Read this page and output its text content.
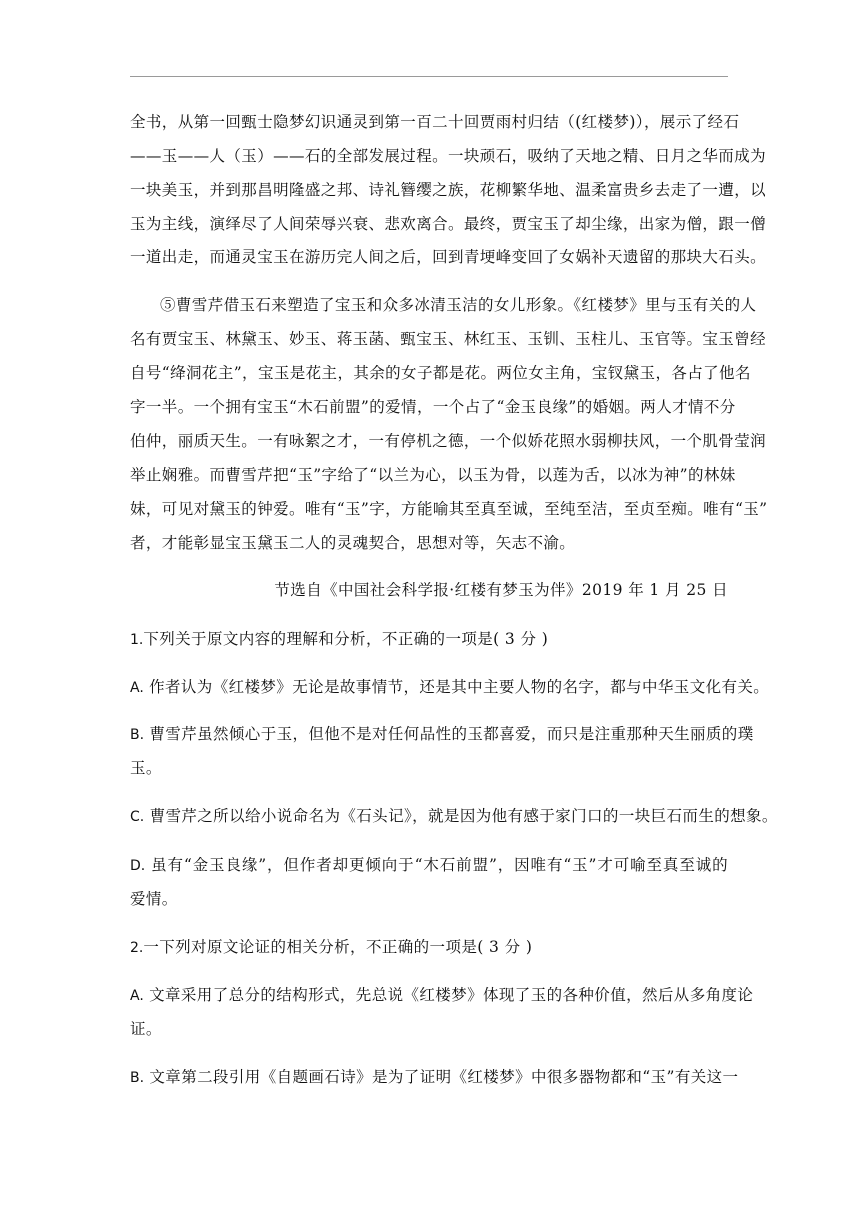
全书，从第一回甄士隐梦幻识通灵到第一百二十回贾雨村归结（(红楼梦)），展示了经石
——玉——人（玉）——石的全部发展过程。一块顽石，吸纳了天地之精、日月之华而成为
一块美玉，并到那昌明隆盛之邦、诗礼簪缨之族，花柳繁华地、温柔富贵乡去走了一遭，以
玉为主线，演绎尽了人间荣辱兴衰、悲欢离合。最终，贾宝玉了却尘缘，出家为僧，跟一僧
一道出走，而通灵宝玉在游历完人间之后，回到青埂峰变回了女娲补天遗留的那块大石头。
⑤曹雪芹借玉石来塑造了宝玉和众多冰清玉洁的女儿形象。《红楼梦》里与玉有关的人
名有贾宝玉、林黛玉、妙玉、蒋玉菡、甄宝玉、林红玉、玉钏、玉柱儿、玉官等。宝玉曾经
自号“绛洞花主”，宝玉是花主，其余的女子都是花。两位女主角，宝钗黛玉，各占了他名
字一半。一个拥有宝玉“木石前盟”的爱情，一个占了“金玉良缘”的婚姻。两人才情不分
伯仲，丽质天生。一有咏絮之才，一有停机之德，一个似娇花照水弱柳扶风，一个肌骨莹润
举止娴雅。而曹雪芹把“玉”字给了“以兰为心，以玉为骨，以莲为舌，以冰为神”的林妹
妹，可见对黛玉的钟爱。唯有“玉”字，方能喻其至真至诚，至纯至洁，至贞至痴。唯有“玉”
者，才能彰显宝玉黛玉二人的灵魂契合，思想对等，矢志不渝。
节选自《中国社会科学报·红楼有梦玉为伴》2019 年 1 月 25 日
1.下列关于原文内容的理解和分析，不正确的一项是( 3 分 )
A. 作者认为《红楼梦》无论是故事情节，还是其中主要人物的名字，都与中华玉文化有关。
B. 曹雪芹虽然倾心于玉，但他不是对任何品性的玉都喜爱，而只是注重那种天生丽质的璞
玉。
C. 曹雪芹之所以给小说命名为《石头记》，就是因为他有感于家门口的一块巨石而生的想象。
D. 虽有“金玉良缘”，但作者却更倾向于“木石前盟”，因唯有“玉”才可喻至真至诚的
爱情。
2.一下列对原文论证的相关分析，不正确的一项是( 3 分 )
A. 文章采用了总分的结构形式，先总说《红楼梦》体现了玉的各种价值，然后从多角度论
证。
B. 文章第二段引用《自题画石诗》是为了证明《红楼梦》中很多器物都和“玉”有关这一
